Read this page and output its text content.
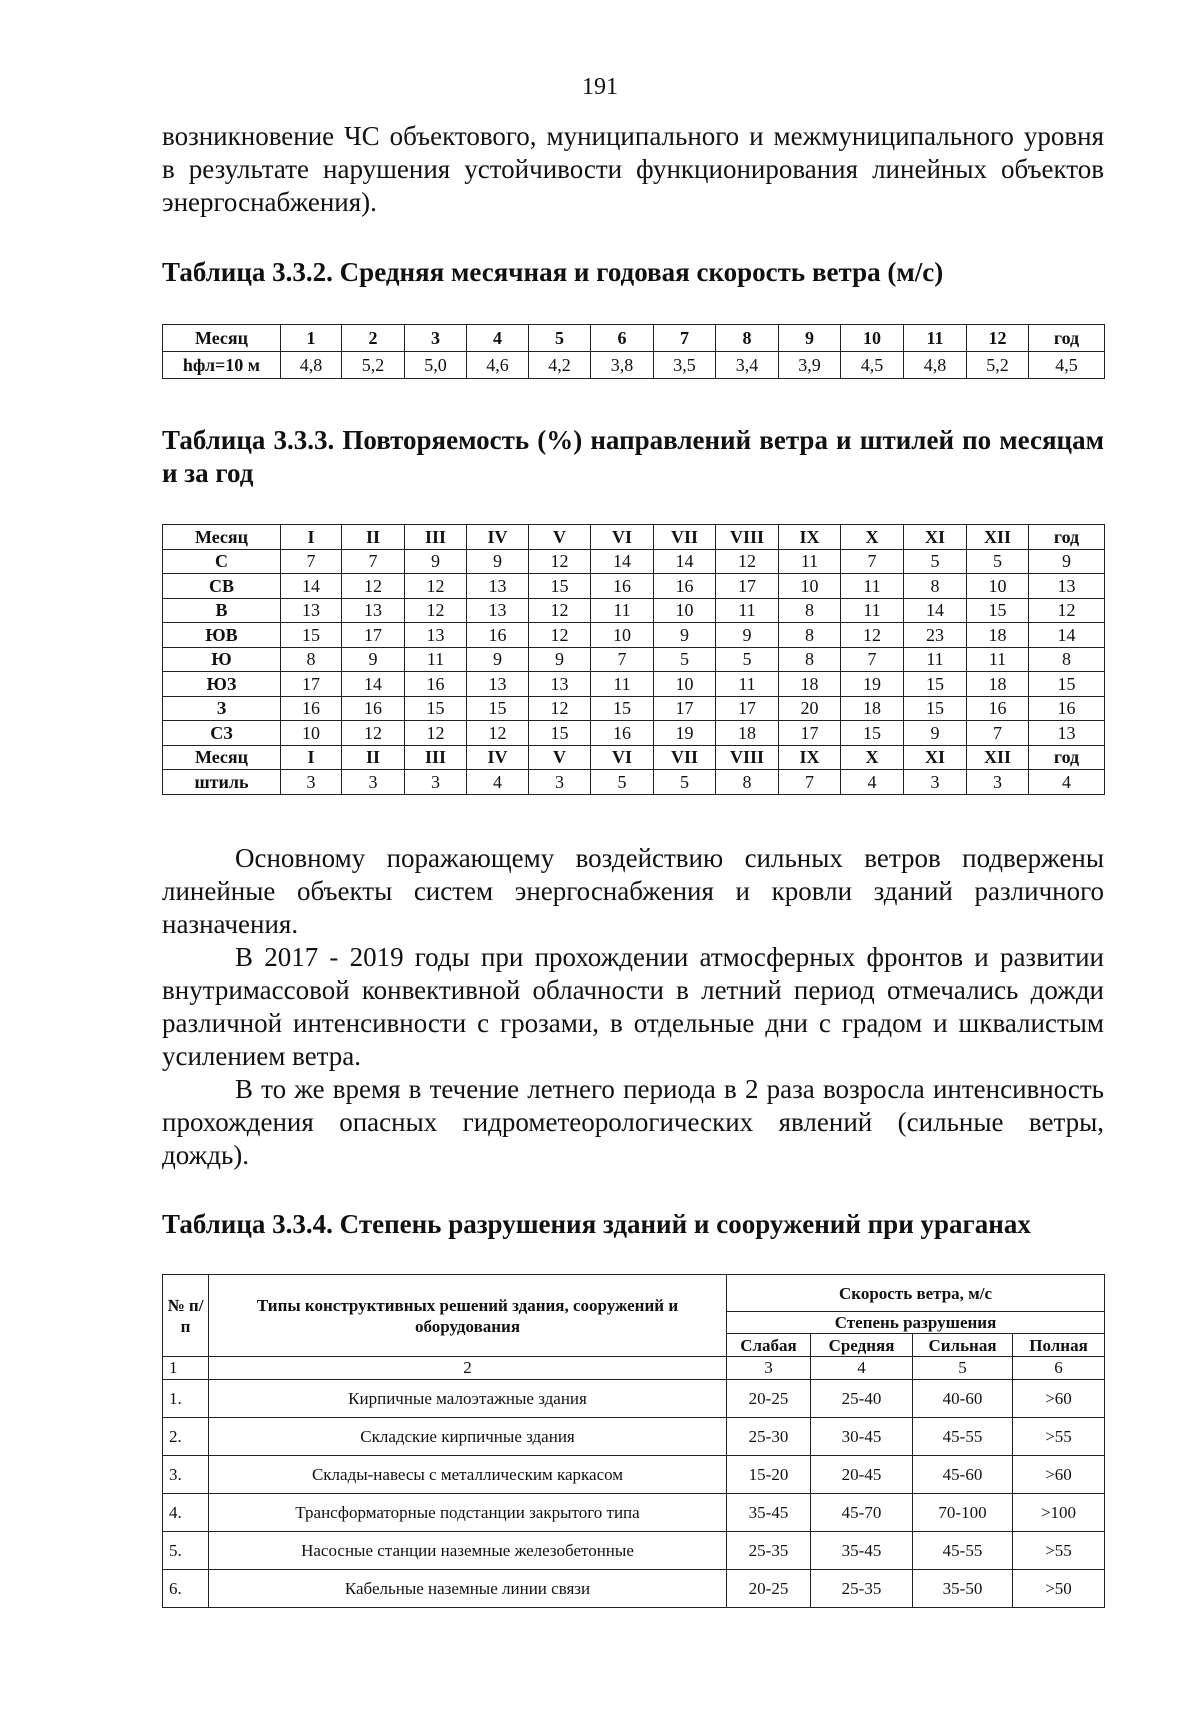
191

возникновение ЧС объектового, муниципального и межмуниципального уровня в результате нарушения устойчивости функционирования линейных объектов энергоснабжения).

Таблица 3.3.2. Средняя месячная и годовая скорость ветра (м/с)

Месяц	1	2	3	4	5	6	7	8	9	10	11	12	год
hфл=10 м	4,8	5,2	5,0	4,6	4,2	3,8	3,5	3,4	3,9	4,5	4,8	5,2	4,5

Таблица 3.3.3. Повторяемость (%) направлений ветра и штилей по месяцам и за год

Месяц	I	II	III	IV	V	VI	VII	VIII	IX	X	XI	XII	год
С	7	7	9	9	12	14	14	12	11	7	5	5	9
СВ	14	12	12	13	15	16	16	17	10	11	8	10	13
В	13	13	12	13	12	11	10	11	8	11	14	15	12
ЮВ	15	17	13	16	12	10	9	9	8	12	23	18	14
Ю	8	9	11	9	9	7	5	5	8	7	11	11	8
ЮЗ	17	14	16	13	13	11	10	11	18	19	15	18	15
З	16	16	15	15	12	15	17	17	20	18	15	16	16
СЗ	10	12	12	12	15	16	19	18	17	15	9	7	13
Месяц	I	II	III	IV	V	VI	VII	VIII	IX	X	XI	XII	год
штиль	3	3	3	4	3	5	5	8	7	4	3	3	4

Основному поражающему воздействию сильных ветров подвержены линейные объекты систем энергоснабжения и кровли зданий различного назначения.

В 2017 - 2019 годы при прохождении атмосферных фронтов и развитии внутримассовой конвективной облачности в летний период отмечались дожди различной интенсивности с грозами, в отдельные дни с градом и шквалистым усилением ветра.

В то же время в течение летнего периода в 2 раза возросла интенсивность прохождения опасных гидрометеорологических явлений (сильные ветры, дождь).

Таблица 3.3.4. Степень разрушения зданий и сооружений при ураганах

№ п/п	Типы конструктивных решений здания, сооружений и оборудования	Скорость ветра, м/с			
		Степень разрушения			
		Слабая	Средняя	Сильная	Полная
1	2	3	4	5	6
1.	Кирпичные малоэтажные здания	20-25	25-40	40-60	>60
2.	Складские кирпичные здания	25-30	30-45	45-55	>55
3.	Склады-навесы с металлическим каркасом	15-20	20-45	45-60	>60
4.	Трансформаторные подстанции закрытого типа	35-45	45-70	70-100	>100
5.	Насосные станции наземные железобетонные	25-35	35-45	45-55	>55
6.	Кабельные наземные линии связи	20-25	25-35	35-50	>50
